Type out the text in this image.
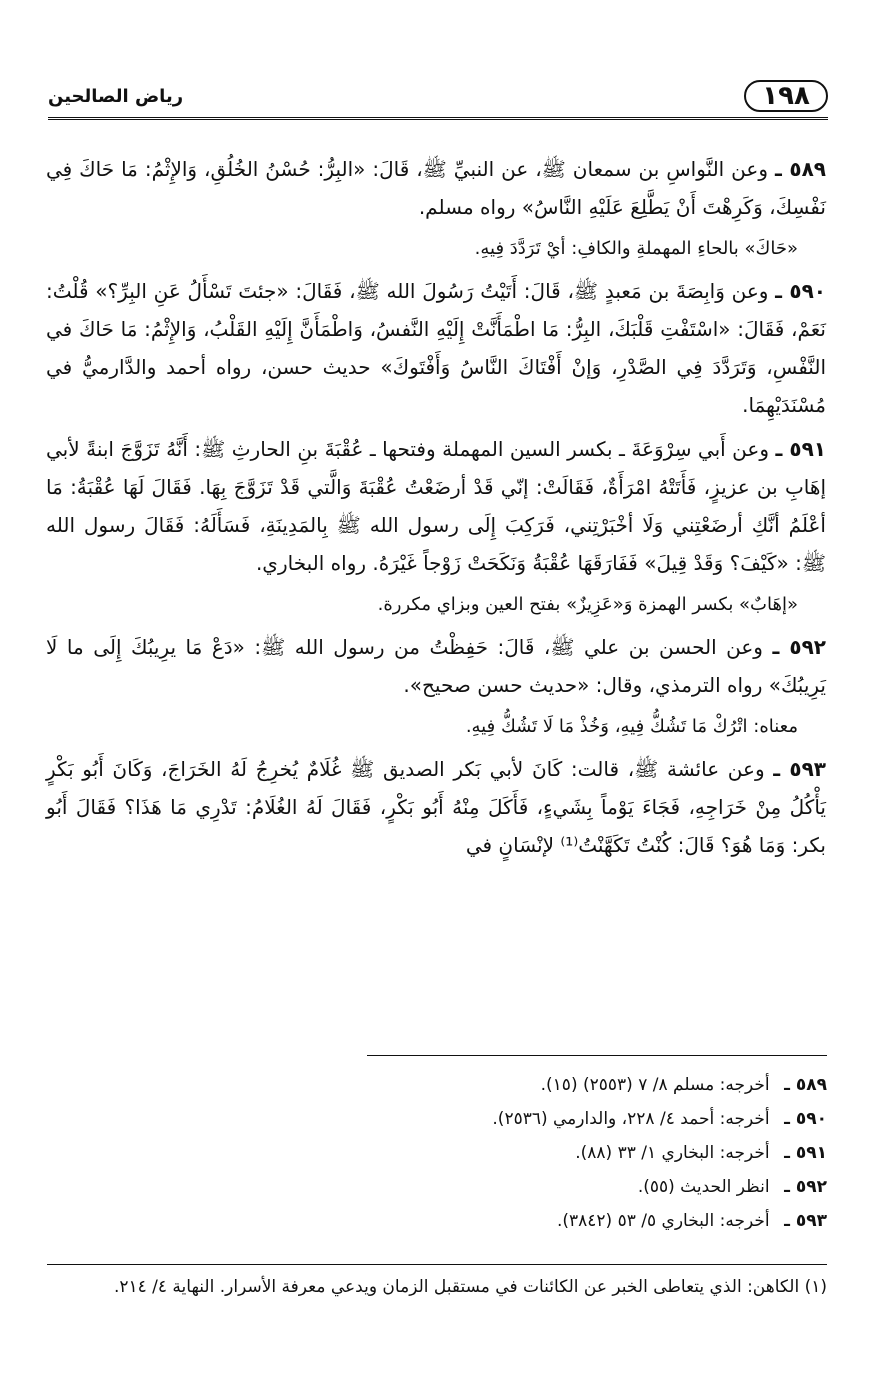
١٩٨
رياض الصالحين

٥٨٩ ـ وعن النَّواسِ بن سمعان ﷺ، عن النبيِّ ﷺ، قَالَ: «البِرُّ: حُسْنُ الخُلُقِ، وَالإِثْمُ: مَا حَاكَ فِي نَفْسِكَ، وَكَرِهْتَ أَنْ يَطَّلِعَ عَلَيْهِ النَّاسُ» رواه مسلم.

«حَاكَ» بالحاءِ المهملةِ والكافِ: أيْ تَرَدَّدَ فِيهِ.

٥٩٠ ـ وعن وَابِصَةَ بن مَعبدٍ ﷺ، قَالَ: أَتَيْتُ رَسُولَ الله ﷺ، فَقَالَ: «جئتَ تَسْأَلُ عَنِ البِرِّ؟» قُلْتُ: نَعَمْ، فَقَالَ: «اسْتَفْتِ قَلْبَكَ، البِرُّ: مَا اطْمَأَنَّتْ إِلَيْهِ النَّفسُ، وَاطْمَأَنَّ إِلَيْهِ القَلْبُ، وَالإِثْمُ: مَا حَاكَ في النَّفْسِ، وَتَرَدَّدَ فِي الصَّدْرِ، وَإنْ أَفْتَاكَ النَّاسُ وَأَفْتَوكَ» حديث حسن، رواه أحمد والدَّارميُّ في مُسْنَدَيْهِمَا.

٥٩١ ـ وعن أَبي سِرْوَعَةَ ـ بكسر السين المهملة وفتحها ـ عُقْبَةَ بنِ الحارثِ ﷺ: أَنَّهُ تَزَوَّجَ ابنةً لأبي إهَابِ بن عزيزٍ، فَأَتَتْهُ امْرَأَةٌ، فَقَالَتْ: إنّي قَدْ أرضَعْتُ عُقْبَةَ وَالَّتي قَدْ تَزَوَّجَ بِهَا. فَقَالَ لَهَا عُقْبَةُ: مَا أعْلَمُ أنَّكِ أرضَعْتِني وَلَا أخْبَرْتِني، فَرَكِبَ إِلَى رسول الله ﷺ بِالمَدِينَةِ، فَسَأَلَهُ: فَقَالَ رسول الله ﷺ: «كَيْفَ؟ وَقَدْ قِيلَ» فَفَارَقَهَا عُقْبَةُ وَنَكَحَتْ زَوْجاً غَيْرَهُ. رواه البخاري.

«إهَابٌ» بكسر الهمزة وَ«عَزِيزٌ» بفتح العين وبزاي مكررة.

٥٩٢ ـ وعن الحسن بن علي ﷺ، قَالَ: حَفِظْتُ من رسول الله ﷺ: «دَعْ مَا يرِيبُكَ إِلَى ما لَا يَرِيبُكَ» رواه الترمذي، وقال: «حديث حسن صحيح».

معناه: اتْرُكْ مَا تَشُكُّ فِيهِ، وَخُذْ مَا لَا تَشُكُّ فِيهِ.

٥٩٣ ـ وعن عائشة ﷺ، قالت: كَانَ لأبي بَكر الصديق ﷺ غُلَامٌ يُخرِجُ لَهُ الخَرَاجَ، وَكَانَ أَبُو بَكْرٍ يَأْكُلُ مِنْ خَرَاجِهِ، فَجَاءَ يَوْماً بِشَيءٍ، فَأَكَلَ مِنْهُ أَبُو بَكْرٍ، فَقَالَ لَهُ الغُلَامُ: تَدْرِي مَا هَذَا؟ فَقَالَ أَبُو بكر: وَمَا هُوَ؟ قَالَ: كُنْتُ تَكَهَّنْتُ⁽¹⁾ لإنْسَانٍ في

٥٨٩ ـ أخرجه: مسلم ٨/ ٧ (٢٥٥٣) (١٥).
٥٩٠ ـ أخرجه: أحمد ٤/ ٢٢٨، والدارمي (٢٥٣٦).
٥٩١ ـ أخرجه: البخاري ١/ ٣٣ (٨٨).
٥٩٢ ـ انظر الحديث (٥٥).
٥٩٣ ـ أخرجه: البخاري ٥/ ٥٣ (٣٨٤٢).
(١) الكاهن: الذي يتعاطى الخبر عن الكائنات في مستقبل الزمان ويدعي معرفة الأسرار. النهاية ٤/ ٢١٤.
